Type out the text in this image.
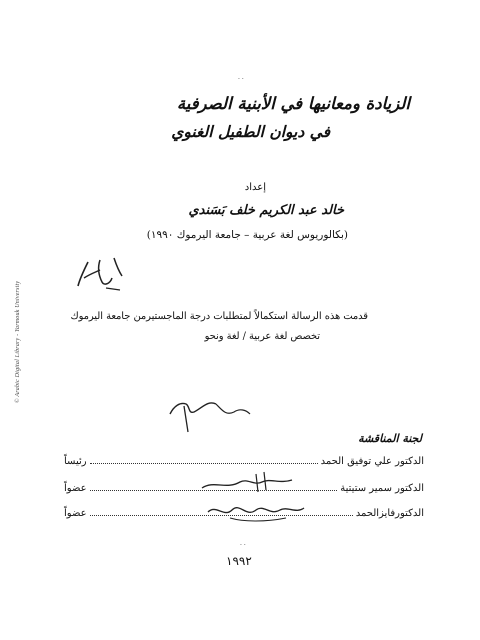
© Arabic Digital Library - Yarmouk University
..
الزيادة ومعانيها في الأبنية الصرفية
في ديوان الطفيل الغنوي
إعداد
خالد عبد الكريم خلف بَسَندي
(بكالوريوس لغة عربية – جامعة اليرموك ١٩٩٠)
قدمت هذه الرسالة استكمالاً لمتطلبات درجة الماجستيرمن جامعة اليرموك
تخصص لغة عربية / لغة ونحو
لجنة المناقشة
الدكتور علي توفيق الحمد
رئيساً
الدكتور سمير ستيتية
عضواً
الدكتورفايزالحمد
عضواً
..
١٩٩٢
